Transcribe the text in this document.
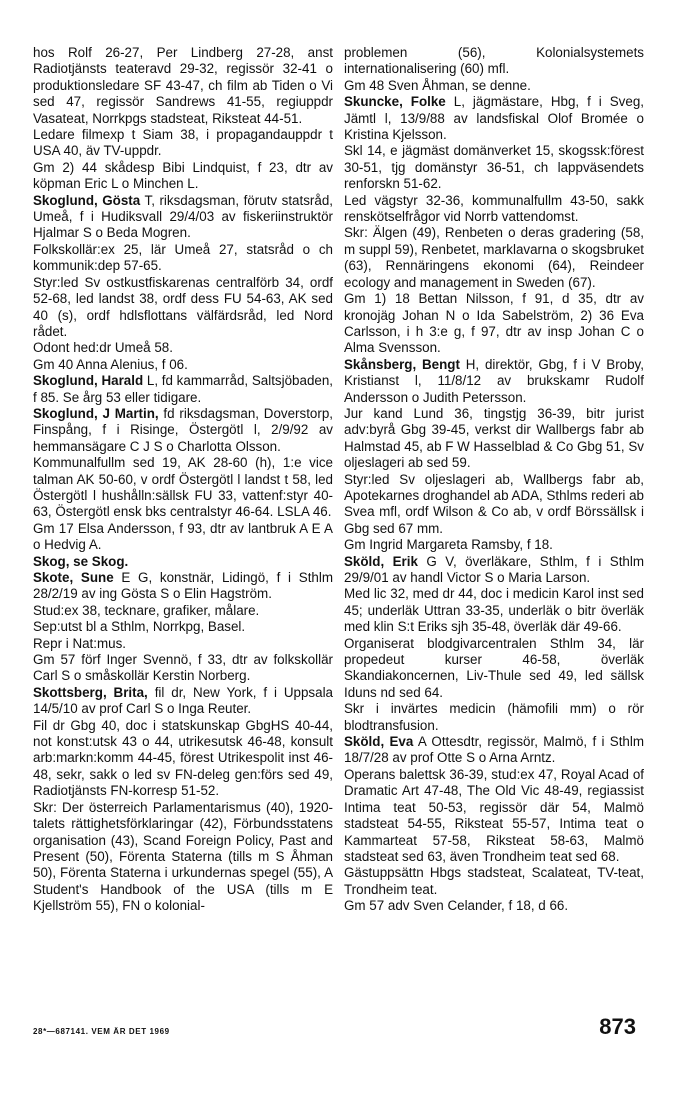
hos Rolf 26-27, Per Lindberg 27-28, anst Radiotjänsts teateravd 29-32, regissör 32-41 o produktionsledare SF 43-47, ch film ab Tiden o Vi sed 47, regissör Sandrews 41-55, regiuppdr Vasateat, Norrkpgs stadsteat, Riksteat 44-51.

Ledare filmexp t Siam 38, i propagandauppdr t USA 40, äv TV-uppdr.

Gm 2) 44 skådesp Bibi Lindquist, f 23, dtr av köpman Eric L o Minchen L.

Skoglund, Gösta T, riksdagsman, förutv statsråd, Umeå, f i Hudiksvall 29/4/03 av fiskeriinstruktör Hjalmar S o Beda Mogren.

Folkskollär:ex 25, lär Umeå 27, statsråd o ch kommunik:dep 57-65.

Styr:led Sv ostkustfiskarenas centralförb 34, ordf 52-68, led landst 38, ordf dess FU 54-63, AK sed 40 (s), ordf hdlsflottans välfärdsråd, led Nord rådet.

Odont hed:dr Umeå 58.

Gm 40 Anna Alenius, f 06.

Skoglund, Harald L, fd kammarråd, Saltsjöbaden, f 85. Se årg 53 eller tidigare.

Skoglund, J Martin, fd riksdagsman, Doverstorp, Finspång, f i Risinge, Östergötl l, 2/9/92 av hemmansägare C J S o Charlotta Olsson.

Kommunalfullm sed 19, AK 28-60 (h), 1:e vice talman AK 50-60, v ordf Östergötl l landst t 58, led Östergötl l hushålln:sällsk FU 33, vattenf:styr 40-63, Östergötl ensk bks centralstyr 46-64. LSLA 46.

Gm 17 Elsa Andersson, f 93, dtr av lantbruk A E A o Hedvig A.

Skog, se Skog.

Skote, Sune E G, konstnär, Lidingö, f i Sthlm 28/2/19 av ing Gösta S o Elin Hagström.

Stud:ex 38, tecknare, grafiker, målare.

Sep:utst bl a Sthlm, Norrkpg, Basel.

Repr i Nat:mus.

Gm 57 förf Inger Svennö, f 33, dtr av folkskollär Carl S o småskollär Kerstin Norberg.

Skottsberg, Brita, fil dr, New York, f i Uppsala 14/5/10 av prof Carl S o Inga Reuter.

Fil dr Gbg 40, doc i statskunskap GbgHS 40-44, not konst:utsk 43 o 44, utrikesutsk 46-48, konsult arb:markn:komm 44-45, förest Utrikespolit inst 46-48, sekr, sakk o led sv FN-deleg gen:förs sed 49, Radiotjänsts FN-korresp 51-52.

Skr: Der österreich Parlamentarismus (40), 1920-talets rättighetsförklaringar (42), Förbundsstatens organisation (43), Scand Foreign Policy, Past and Present (50), Förenta Staterna (tills m S Åhman 50), Förenta Staterna i urkundernas spegel (55), A Student's Handbook of the USA (tills m E Kjellström 55), FN o kolonial-

problemen (56), Kolonialsystemets internationalisering (60) mfl.

Gm 48 Sven Åhman, se denne.

Skuncke, Folke L, jägmästare, Hbg, f i Sveg, Jämtl l, 13/9/88 av landsfiskal Olof Bromée o Kristina Kjelsson.

Skl 14, e jägmäst domänverket 15, skogssk:förest 30-51, tjg domänstyr 36-51, ch lappväsendets renforskn 51-62.

Led vägstyr 32-36, kommunalfullm 43-50, sakk renskötselfrågor vid Norrb vattendomst.

Skr: Älgen (49), Renbeten o deras gradering (58, m suppl 59), Renbetet, marklavarna o skogsbruket (63), Rennäringens ekonomi (64), Reindeer ecology and management in Sweden (67).

Gm 1) 18 Bettan Nilsson, f 91, d 35, dtr av kronojäg Johan N o Ida Sabelström, 2) 36 Eva Carlsson, i h 3:e g, f 97, dtr av insp Johan C o Alma Svensson.

Skånsberg, Bengt H, direktör, Gbg, f i V Broby, Kristianst l, 11/8/12 av brukskamr Rudolf Andersson o Judith Petersson.

Jur kand Lund 36, tingstjg 36-39, bitr jurist adv:byrå Gbg 39-45, verkst dir Wallbergs fabr ab Halmstad 45, ab F W Hasselblad & Co Gbg 51, Sv oljeslageri ab sed 59.

Styr:led Sv oljeslageri ab, Wallbergs fabr ab, Apotekarnes droghandel ab ADA, Sthlms rederi ab Svea mfl, ordf Wilson & Co ab, v ordf Börssällsk i Gbg sed 67 mm.

Gm Ingrid Margareta Ramsby, f 18.

Sköld, Erik G V, överläkare, Sthlm, f i Sthlm 29/9/01 av handl Victor S o Maria Larson.

Med lic 32, med dr 44, doc i medicin Karol inst sed 45; underläk Uttran 33-35, underläk o bitr överläk med klin S:t Eriks sjh 35-48, överläk där 49-66.

Organiserat blodgivarcentralen Sthlm 34, lär propedeut kurser 46-58, överläk Skandiakoncernen, Liv-Thule sed 49, led sällsk Iduns nd sed 64.

Skr i invärtes medicin (hämofili mm) o rör blodtransfusion.

Sköld, Eva A Ottesdtr, regissör, Malmö, f i Sthlm 18/7/28 av prof Otte S o Arna Arntz.

Operans balettsk 36-39, stud:ex 47, Royal Acad of Dramatic Art 47-48, The Old Vic 48-49, regiassist Intima teat 50-53, regissör där 54, Malmö stadsteat 54-55, Riksteat 55-57, Intima teat o Kammarteat 57-58, Riksteat 58-63, Malmö stadsteat sed 63, även Trondheim teat sed 68.

Gästuppsättn Hbgs stadsteat, Scalateat, TV-teat, Trondheim teat.

Gm 57 adv Sven Celander, f 18, d 66.

28*—687141. VEM ÄR DET 1969	873
